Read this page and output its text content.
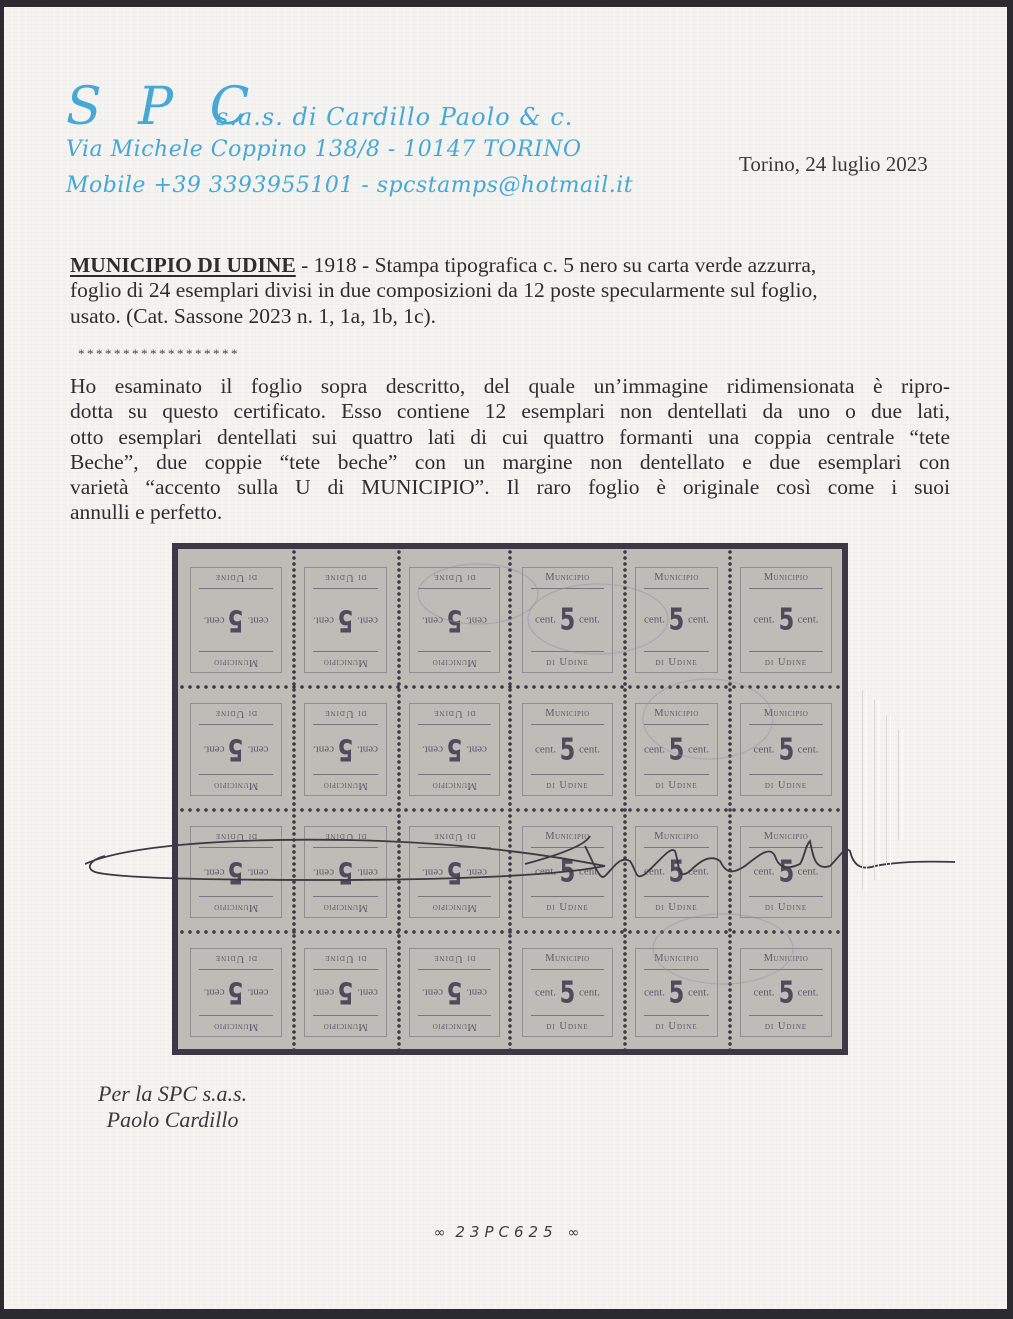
S P C
s.a.s. di Cardillo Paolo & c.
Via Michele Coppino 138/8 - 10147 TORINO
Mobile +39 3393955101 - spcstamps@hotmail.it
Torino, 24 luglio 2023
MUNICIPIO DI UDINE - 1918 - Stampa tipografica c. 5 nero su carta verde azzurra,
foglio di 24 esemplari divisi in due composizioni da 12 poste specularmente sul foglio,
usato. (Cat. Sassone 2023 n. 1, 1a, 1b, 1c).
******************
Ho esaminato il foglio sopra descritto, del quale un’immagine ridimensionata è ripro-
dotta su questo certificato. Esso contiene 12 esemplari non dentellati da uno o due lati,
otto esemplari dentellati sui quattro lati di cui quattro formanti una coppia centrale “tete
Beche”, due coppie “tete beche” con un margine non dentellato e due esemplari con
varietà “accento sulla U di MUNICIPIO”. Il raro foglio è originale così come i suoi
annulli e perfetto.
Municipio
cent.5cent.
di Udine
Municipio
cent.5cent.
di Udine
Municipio
cent.5cent.
di Udine	Municipio
cent. 5 cent.
di Udine
Municipio
cent. 5 cent.
di Udine
Municipio
cent. 5 cent.
di Udine
Municipio
cent.5cent.
di Udine
Municipio
cent.5cent.
di Udine
Municipio
cent.5cent.
di Udine	Municipio
cent. 5 cent.
di Udine
Municipio
cent. 5 cent.
di Udine
Municipio
cent. 5 cent.
di Udine
Municipio
cent.5cent.
di Udine
Municipio
cent.5cent.
di Udine
Municipio
cent.5cent.
di Udine	Municipio
cent. 5 cent.
di Udine
Municipio
cent. 5 cent.
di Udine
Municipio
cent. 5 cent.
di Udine
Municipio
cent.5cent.
di Udine
Municipio
cent.5cent.
di Udine
Municipio
cent.5cent.
di Udine	Municipio
cent. 5 cent.
di Udine
Municipio
cent. 5 cent.
di Udine
Municipio
cent. 5 cent.
di Udine
Per la SPC s.a.s.
Paolo Cardillo
∞ 23PC625 ∞
